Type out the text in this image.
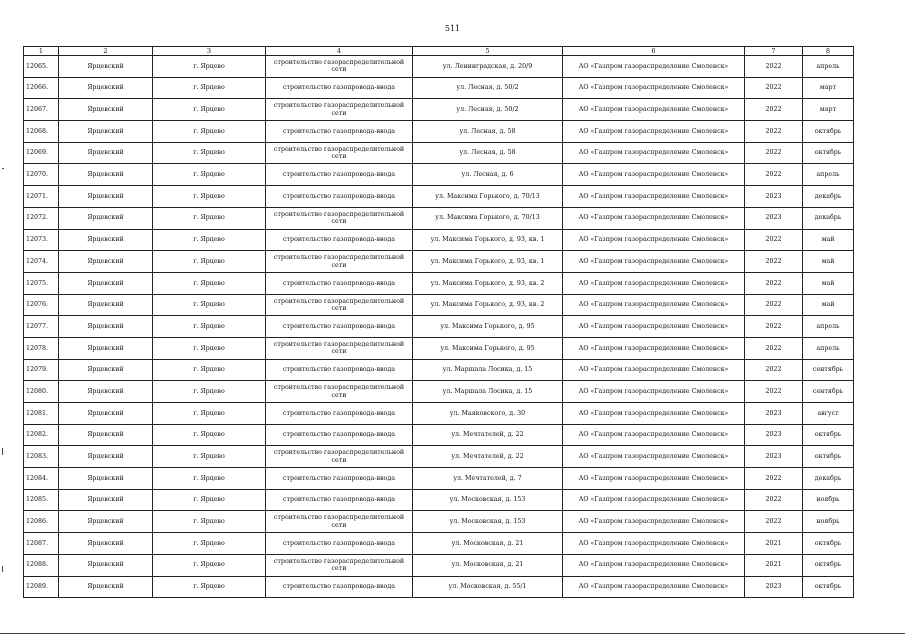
511
1	2	3	4	5	6	7	8
12065.	Ярцевский	г. Ярцево	строительство газораспределительной сети	ул. Ленинградская, д. 20/9	АО «Газпром газораспределение Смоленск»	2022	апрель
12066.	Ярцевский	г. Ярцево	строительство газопровода-ввода	ул. Лесная, д. 50/2	АО «Газпром газораспределение Смоленск»	2022	март
12067.	Ярцевский	г. Ярцево	строительство газораспределительной сети	ул. Лесная, д. 50/2	АО «Газпром газораспределение Смоленск»	2022	март
12068.	Ярцевский	г. Ярцево	строительство газопровода-ввода	ул. Лесная, д. 58	АО «Газпром газораспределение Смоленск»	2022	октябрь
12069.	Ярцевский	г. Ярцево	строительство газораспределительной сети	ул. Лесная, д. 58	АО «Газпром газораспределение Смоленск»	2022	октябрь
12070.	Ярцевский	г. Ярцево	строительство газопровода-ввода	ул. Лесная, д. 6	АО «Газпром газораспределение Смоленск»	2022	апрель
12071.	Ярцевский	г. Ярцево	строительство газопровода-ввода	ул. Максима Горького, д. 70/13	АО «Газпром газораспределение Смоленск»	2023	декабрь
12072.	Ярцевский	г. Ярцево	строительство газораспределительной сети	ул. Максима Горького, д. 70/13	АО «Газпром газораспределение Смоленск»	2023	декабрь
12073.	Ярцевский	г. Ярцево	строительство газопровода-ввода	ул. Максима Горького, д. 93, кв. 1	АО «Газпром газораспределение Смоленск»	2022	май
12074.	Ярцевский	г. Ярцево	строительство газораспределительной сети	ул. Максима Горького, д. 93, кв. 1	АО «Газпром газораспределение Смоленск»	2022	май
12075.	Ярцевский	г. Ярцево	строительство газопровода-ввода	ул. Максима Горького, д. 93, кв. 2	АО «Газпром газораспределение Смоленск»	2022	май
12076.	Ярцевский	г. Ярцево	строительство газораспределительной сети	ул. Максима Горького, д. 93, кв. 2	АО «Газпром газораспределение Смоленск»	2022	май
12077.	Ярцевский	г. Ярцево	строительство газопровода-ввода	ул. Максима Горького, д. 95	АО «Газпром газораспределение Смоленск»	2022	апрель
12078.	Ярцевский	г. Ярцево	строительство газораспределительной сети	ул. Максима Горького, д. 95	АО «Газпром газораспределение Смоленск»	2022	апрель
12079.	Ярцевский	г. Ярцево	строительство газопровода-ввода	ул. Маршала Лосика, д. 15	АО «Газпром газораспределение Смоленск»	2022	сентябрь
12080.	Ярцевский	г. Ярцево	строительство газораспределительной сети	ул. Маршала Лосика, д. 15	АО «Газпром газораспределение Смоленск»	2022	сентябрь
12081.	Ярцевский	г. Ярцево	строительство газопровода-ввода	ул. Маяковского, д. 30	АО «Газпром газораспределение Смоленск»	2023	август
12082.	Ярцевский	г. Ярцево	строительство газопровода-ввода	ул. Мечтателей, д. 22	АО «Газпром газораспределение Смоленск»	2023	октябрь
12083.	Ярцевский	г. Ярцево	строительство газораспределительной сети	ул. Мечтателей, д. 22	АО «Газпром газораспределение Смоленск»	2023	октябрь
12084.	Ярцевский	г. Ярцево	строительство газопровода-ввода	ул. Мечтателей, д. 7	АО «Газпром газораспределение Смоленск»	2022	декабрь
12085.	Ярцевский	г. Ярцево	строительство газопровода-ввода	ул. Московская, д. 153	АО «Газпром газораспределение Смоленск»	2022	ноябрь
12086.	Ярцевский	г. Ярцево	строительство газораспределительной сети	ул. Московская, д. 153	АО «Газпром газораспределение Смоленск»	2022	ноябрь
12087.	Ярцевский	г. Ярцево	строительство газопровода-ввода	ул. Московская, д. 21	АО «Газпром газораспределение Смоленск»	2021	октябрь
12088.	Ярцевский	г. Ярцево	строительство газораспределительной сети	ул. Московская, д. 21	АО «Газпром газораспределение Смоленск»	2021	октябрь
12089.	Ярцевский	г. Ярцево	строительство газопровода-ввода	ул. Московская, д. 55/1	АО «Газпром газораспределение Смоленск»	2023	октябрь
